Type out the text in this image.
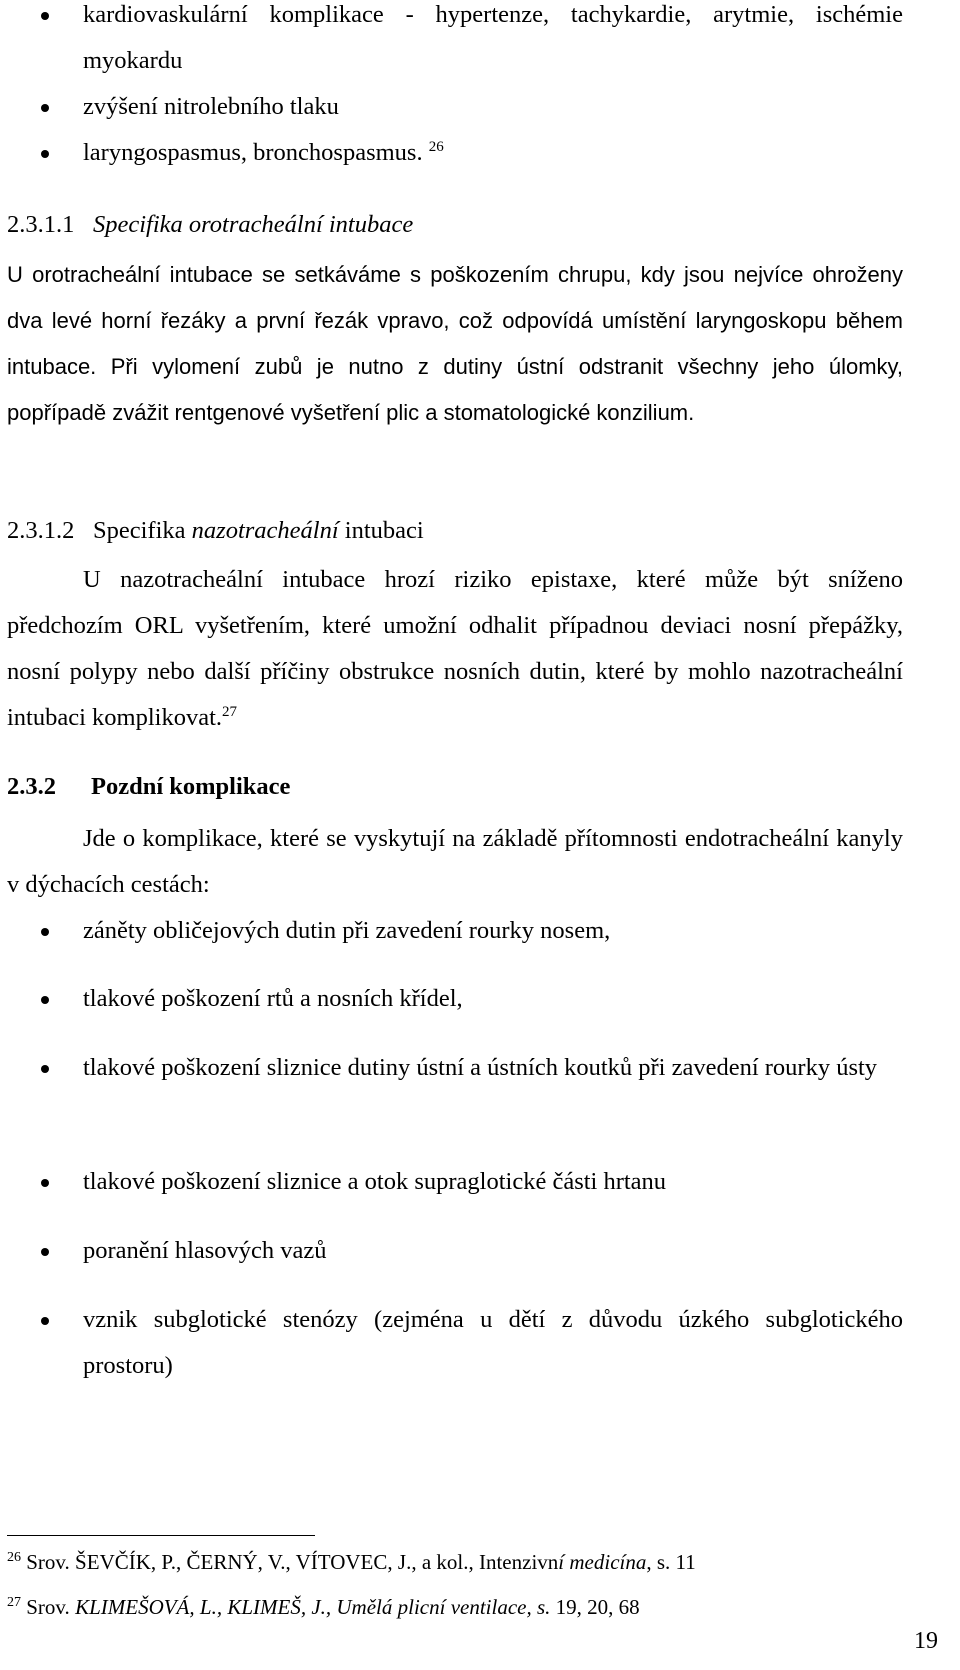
kardiovaskulární komplikace - hypertenze, tachykardie, arytmie, ischémie myokardu
zvýšení nitrolebního tlaku
laryngospasmus, bronchospasmus. $^{26}$
2.3.1.1 Specifika orotracheální intubace

U orotracheální intubace se setkáváme s poškozením chrupu, kdy jsou nejvíce ohroženy dva levé horní řezáky a první řezák vpravo, což odpovídá umístění laryngoskopu během intubace. Při vylomení zubů je nutno z dutiny ústní odstranit všechny jeho úlomky, popřípadě zvážit rentgenové vyšetření plic a stomatologické konzilium.

2.3.1.2 Specifika nazotracheální intubaci

U nazotracheální intubace hrozí riziko epistaxe, které může být sníženo předchozím ORL vyšetřením, které umožní odhalit případnou deviaci nosní přepážky, nosní polypy nebo další příčiny obstrukce nosních dutin, které by mohlo nazotracheální intubaci komplikovat.$^{27}$

2.3.2 Pozdní komplikace

Jde o komplikace, které se vyskytují na základě přítomnosti endotracheální kanyly v dýchacích cestách:

záněty obličejových dutin při zavedení rourky nosem,
tlakové poškození rtů a nosních křídel,
tlakové poškození sliznice dutiny ústní a ústních koutků při zavedení rourky ústy
tlakové poškození sliznice a otok supraglotické části hrtanu
poranění hlasových vazů
vznik subglotické stenózy (zejména u dětí z důvodu úzkého subglotického prostoru)
$^{26}$ Srov. ŠEVČÍK, P., ČERNÝ, V., VÍTOVEC, J., a kol., Intenzivní medicína, s. 11
$^{27}$ Srov. KLIMEŠOVÁ, L., KLIMEŠ, J., Umělá plicní ventilace, s. 19, 20, 68
19
